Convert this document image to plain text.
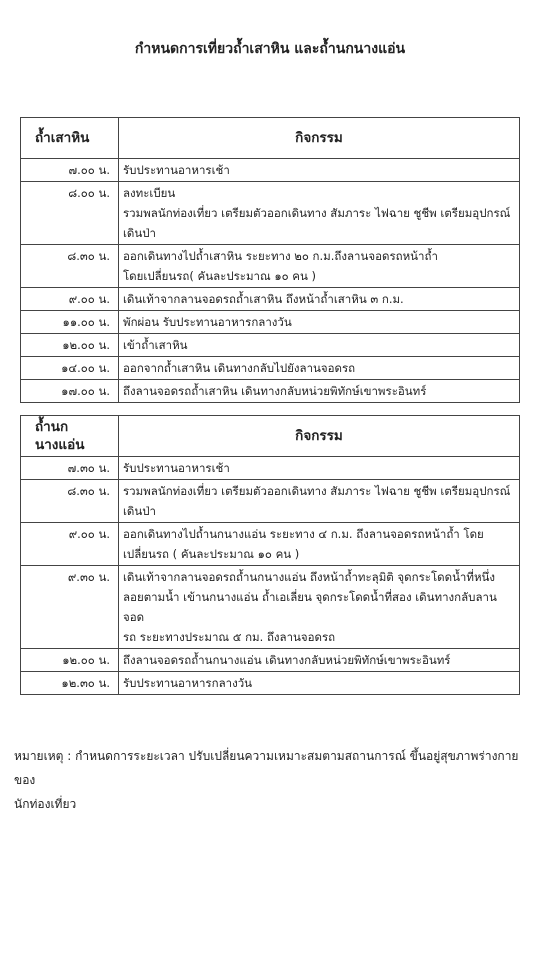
กำหนดการเที่ยวถ้ำเสาหิน และถ้ำนกนางแอ่น
ถ้ำเสาหิน	กิจกรรม
๗.๐๐ น.	รับประทานอาหารเช้า

๘.๐๐ น.	ลงทะเบียน
รวมพลนักท่องเที่ยว เตรียมตัวออกเดินทาง สัมภาระ ไฟฉาย ชูชีพ เตรียมอุปกรณ์
เดินป่า

๘.๓๐ น.	ออกเดินทางไปถ้ำเสาหิน ระยะทาง ๒๐ ก.ม.ถึงลานจอดรถหน้าถ้ำ
โดยเปลี่ยนรถ( คันละประมาณ ๑๐ คน )

๙.๐๐ น.	เดินเท้าจากลานจอดรถถ้ำเสาหิน ถึงหน้าถ้ำเสาหิน ๓ ก.ม.

๑๑.๐๐ น.	พักผ่อน รับประทานอาหารกลางวัน

๑๒.๐๐ น.	เข้าถ้ำเสาหิน

๑๔.๐๐ น.	ออกจากถ้ำเสาหิน เดินทางกลับไปยังลานจอดรถ

๑๗.๐๐ น.	ถึงลานจอดรถถ้ำเสาหิน เดินทางกลับหน่วยพิทักษ์เขาพระอินทร์
ถ้ำนกนางแอ่น	กิจกรรม
๗.๓๐ น.	รับประทานอาหารเช้า

๘.๓๐ น.	รวมพลนักท่องเที่ยว เตรียมตัวออกเดินทาง สัมภาระ ไฟฉาย ชูชีพ เตรียมอุปกรณ์
เดินป่า

๙.๐๐ น.	ออกเดินทางไปถ้ำนกนางแอ่น ระยะทาง ๔ ก.ม. ถึงลานจอดรถหน้าถ้ำ โดย
เปลี่ยนรถ ( คันละประมาณ ๑๐ คน )

๙.๓๐ น.	เดินเท้าจากลานจอดรถถ้ำนกนางแอ่น ถึงหน้าถ้ำทะลุมิติ จุดกระโดดน้ำที่หนึ่ง
ลอยตามน้ำ เข้านกนางแอ่น ถ้ำเอเลี่ยน จุดกระโดดน้ำที่สอง เดินทางกลับลานจอด
รถ ระยะทางประมาณ ๕ กม. ถึงลานจอดรถ

๑๒.๐๐ น.	ถึงลานจอดรถถ้ำนกนางแอ่น เดินทางกลับหน่วยพิทักษ์เขาพระอินทร์

๑๒.๓๐ น.	รับประทานอาหารกลางวัน
หมายเหตุ : กำหนดการระยะเวลา ปรับเปลี่ยนความเหมาะสมตามสถานการณ์ ขึ้นอยู่สุขภาพร่างกายของ
นักท่องเที่ยว
